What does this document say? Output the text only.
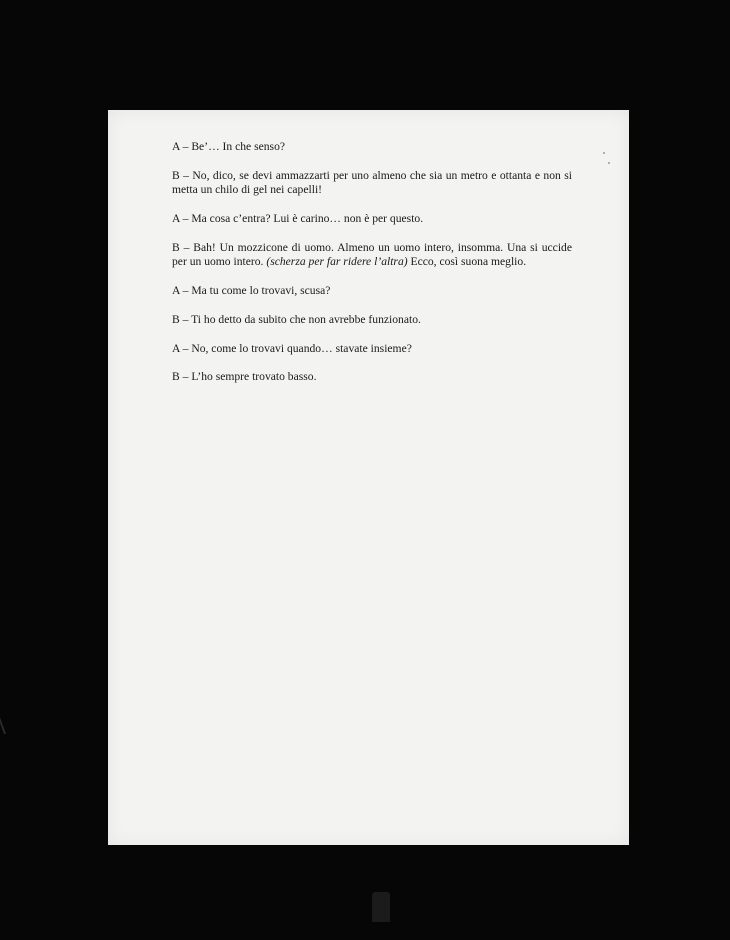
A – Be’… In che senso?

B – No, dico, se devi ammazzarti per uno almeno che sia un metro e ottanta e non si metta un chilo di gel nei capelli!

A – Ma cosa c’entra? Lui è carino… non è per questo.

B – Bah! Un mozzicone di uomo. Almeno un uomo intero, insomma. Una si uccide per un uomo intero. (scherza per far ridere l’altra) Ecco, così suona meglio.

A – Ma tu come lo trovavi, scusa?

B – Ti ho detto da subito che non avrebbe funzionato.

A – No, come lo trovavi quando… stavate insieme?

B – L’ho sempre trovato basso.
